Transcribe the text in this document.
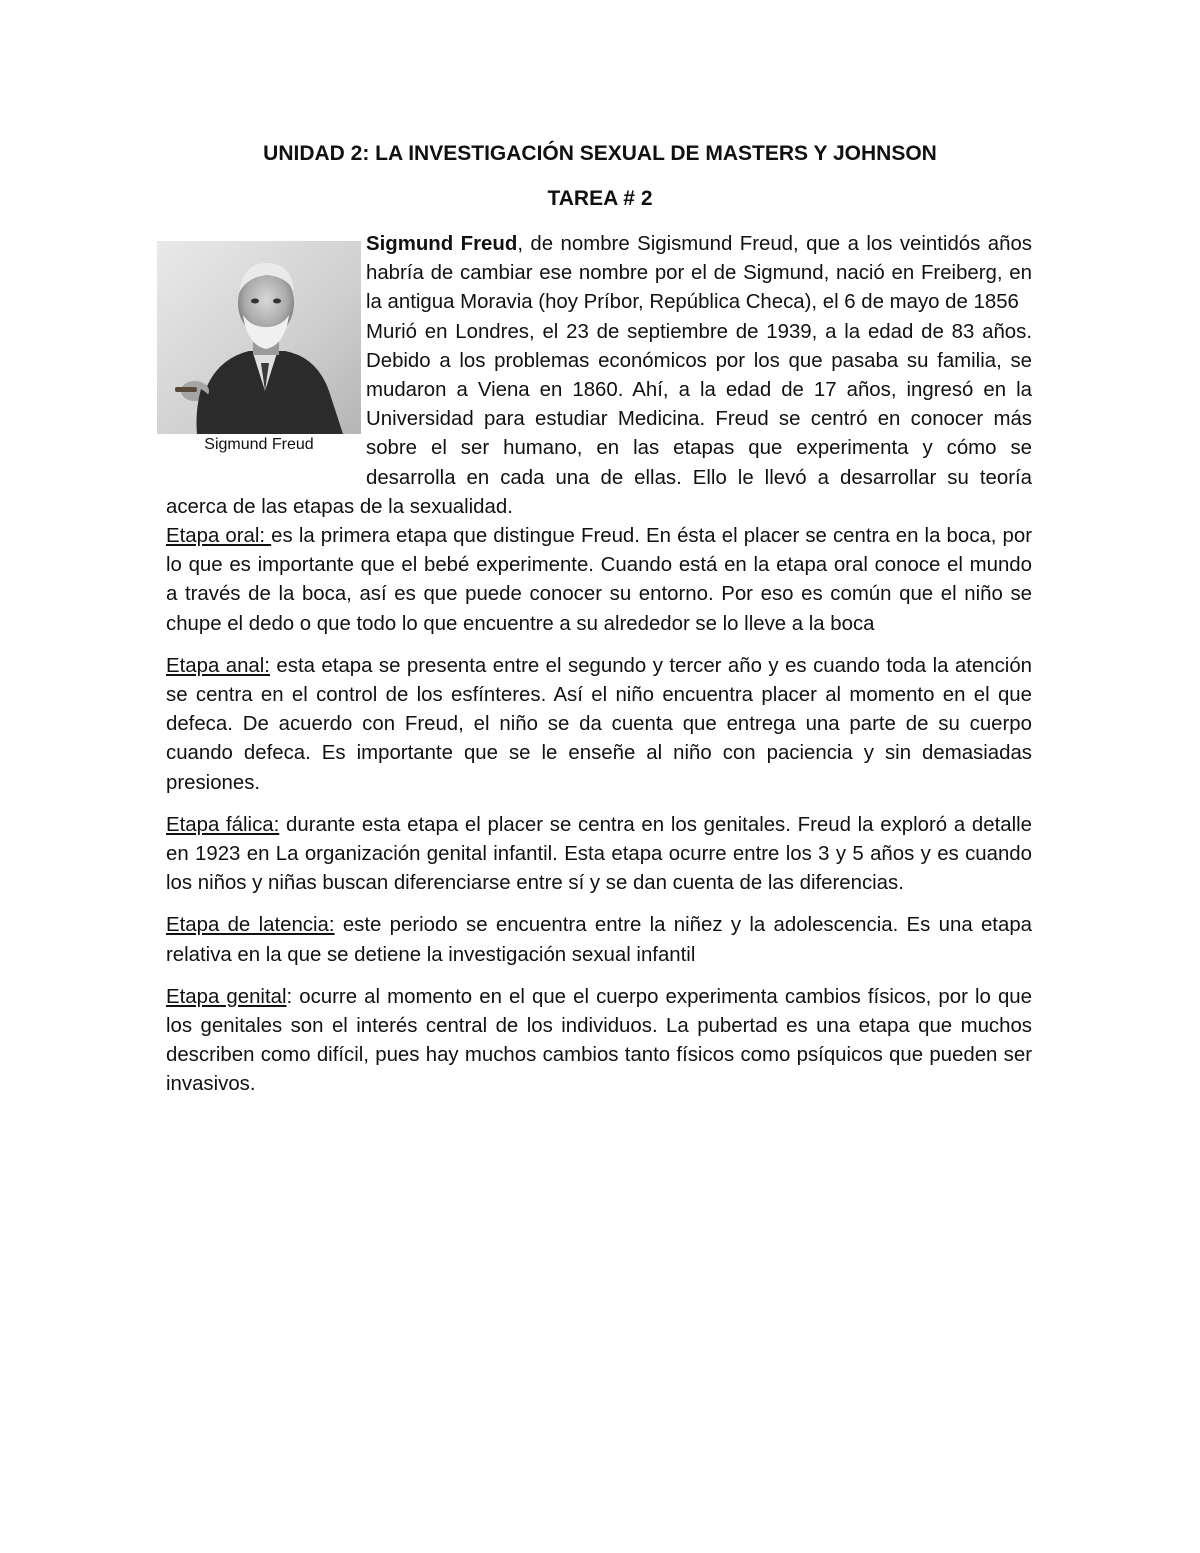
UNIDAD 2: LA INVESTIGACIÓN SEXUAL DE MASTERS Y JOHNSON
TAREA # 2
Sigmund Freud

Sigmund Freud, de nombre Sigismund Freud, que a los veintidós años habría de cambiar ese nombre por el de Sigmund, nació en Freiberg, en la antigua Moravia (hoy Príbor, República Checa), el 6 de mayo de 1856

Murió en Londres, el 23 de septiembre de 1939, a la edad de 83 años. Debido a los problemas económicos por los que pasaba su familia, se mudaron a Viena en 1860. Ahí, a la edad de 17 años, ingresó en la Universidad para estudiar Medicina. Freud se centró en conocer más sobre el ser humano, en las etapas que experimenta y cómo se desarrolla en cada una de ellas. Ello le llevó a desarrollar su teoría acerca de las etapas de la sexualidad.

Etapa oral: es la primera etapa que distingue Freud. En ésta el placer se centra en la boca, por lo que es importante que el bebé experimente. Cuando está en la etapa oral conoce el mundo a través de la boca, así es que puede conocer su entorno. Por eso es común que el niño se chupe el dedo o que todo lo que encuentre a su alrededor se lo lleve a la boca

Etapa anal: esta etapa se presenta entre el segundo y tercer año y es cuando toda la atención se centra en el control de los esfínteres. Así el niño encuentra placer al momento en el que defeca. De acuerdo con Freud, el niño se da cuenta que entrega una parte de su cuerpo cuando defeca. Es importante que se le enseñe al niño con paciencia y sin demasiadas presiones.

Etapa fálica: durante esta etapa el placer se centra en los genitales. Freud la exploró a detalle en 1923 en La organización genital infantil. Esta etapa ocurre entre los 3 y 5 años y es cuando los niños y niñas buscan diferenciarse entre sí y se dan cuenta de las diferencias.

Etapa de latencia: este periodo se encuentra entre la niñez y la adolescencia. Es una etapa relativa en la que se detiene la investigación sexual infantil

Etapa genital: ocurre al momento en el que el cuerpo experimenta cambios físicos, por lo que los genitales son el interés central de los individuos. La pubertad es una etapa que muchos describen como difícil, pues hay muchos cambios tanto físicos como psíquicos que pueden ser invasivos.
